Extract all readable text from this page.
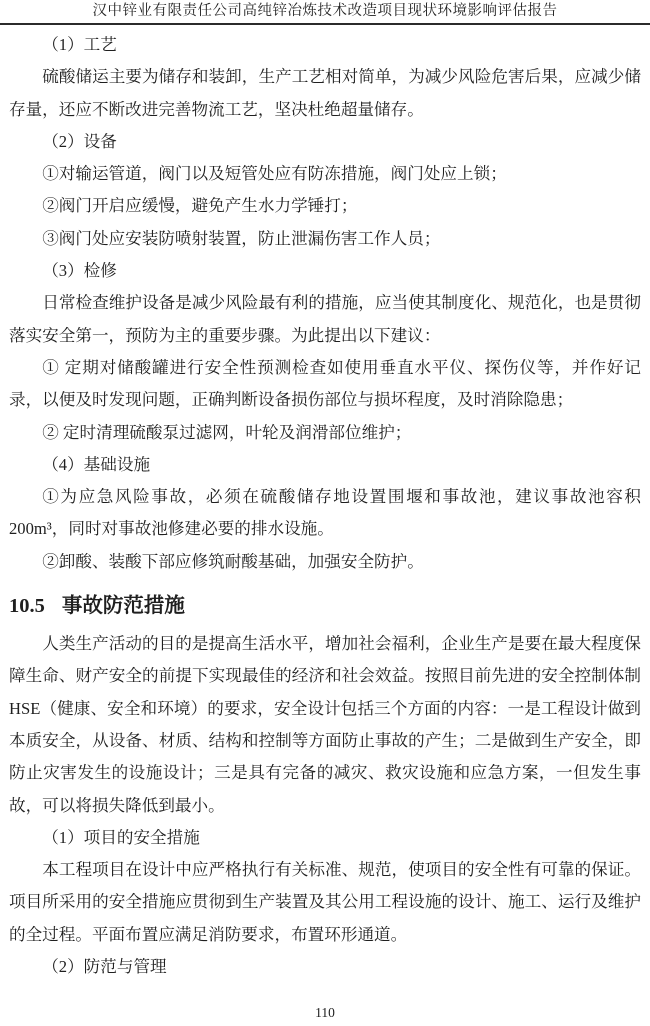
汉中锌业有限责任公司高纯锌冶炼技术改造项目现状环境影响评估报告

（1）工艺

硫酸储运主要为储存和装卸，生产工艺相对简单，为减少风险危害后果，应减少储存量，还应不断改进完善物流工艺，坚决杜绝超量储存。

（2）设备

①对输运管道，阀门以及短管处应有防冻措施，阀门处应上锁；

②阀门开启应缓慢，避免产生水力学锤打；

③阀门处应安装防喷射装置，防止泄漏伤害工作人员；

（3）检修

日常检查维护设备是减少风险最有利的措施，应当使其制度化、规范化，也是贯彻落实安全第一，预防为主的重要步骤。为此提出以下建议：

① 定期对储酸罐进行安全性预测检查如使用垂直水平仪、探伤仪等，并作好记录，以便及时发现问题，正确判断设备损伤部位与损坏程度，及时消除隐患；

② 定时清理硫酸泵过滤网，叶轮及润滑部位维护；

（4）基础设施

①为应急风险事故，必须在硫酸储存地设置围堰和事故池，建议事故池容积 200m³，同时对事故池修建必要的排水设施。

②卸酸、装酸下部应修筑耐酸基础，加强安全防护。

10.5 事故防范措施

人类生产活动的目的是提高生活水平，增加社会福利，企业生产是要在最大程度保障生命、财产安全的前提下实现最佳的经济和社会效益。按照目前先进的安全控制体制HSE（健康、安全和环境）的要求，安全设计包括三个方面的内容：一是工程设计做到本质安全，从设备、材质、结构和控制等方面防止事故的产生；二是做到生产安全，即防止灾害发生的设施设计；三是具有完备的减灾、救灾设施和应急方案，一但发生事故，可以将损失降低到最小。

（1）项目的安全措施

本工程项目在设计中应严格执行有关标准、规范，使项目的安全性有可靠的保证。项目所采用的安全措施应贯彻到生产装置及其公用工程设施的设计、施工、运行及维护的全过程。平面布置应满足消防要求，布置环形通道。

（2）防范与管理

110
